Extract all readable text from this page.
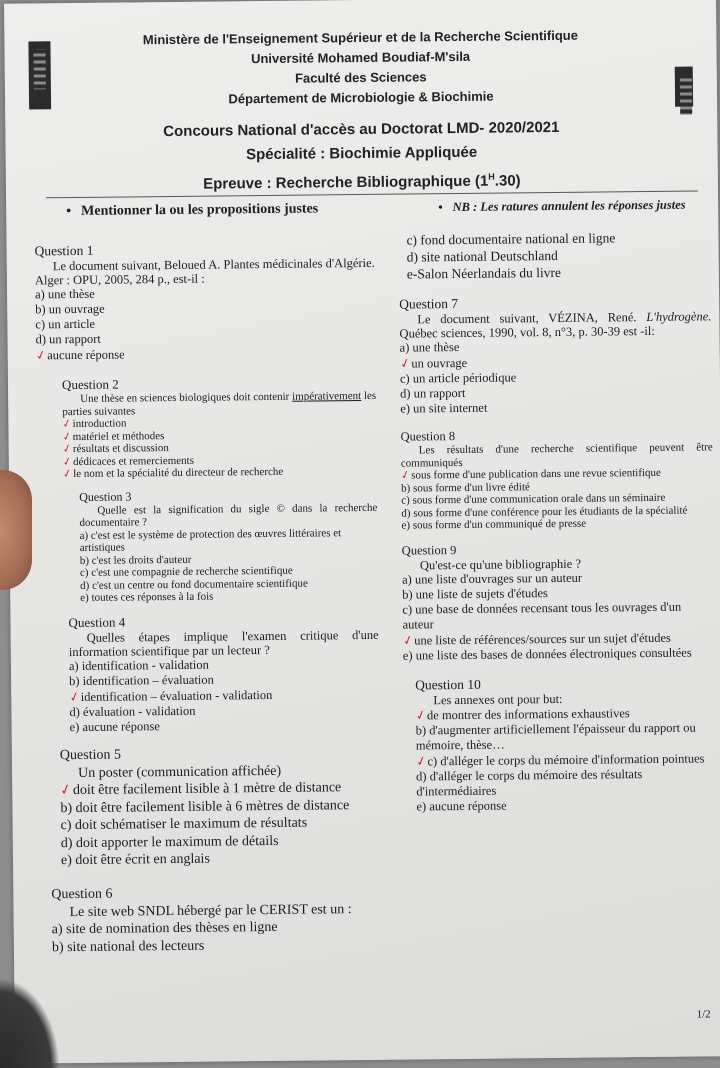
Ministère de l'Enseignement Supérieur et de la Recherche Scientifique
Université Mohamed Boudiaf-M'sila
Faculté des Sciences
Département de Microbiologie & Biochimie
Concours National d'accès au Doctorat LMD- 2020/2021
Spécialité : Biochimie Appliquée
Epreuve : Recherche Bibliographique $(1^H.30)$
• Mentionner la ou les propositions justes	• NB : Les ratures annulent les réponses justes
Question 1
Le document suivant, Beloued A. Plantes médicinales d'Algérie. Alger : OPU, 2005, 284 p., est-il :
a) une thèse
b) un ouvrage
c) un article
d) un rapport
✓aucune réponse
Question 2
Une thèse en sciences biologiques doit contenir impérativement les parties suivantes
✓introduction
✓matériel et méthodes
✓résultats et discussion
✓dédicaces et remerciements
✓le nom et la spécialité du directeur de recherche
Question 3
Quelle est la signification du sigle © dans la recherche documentaire ?
a) c'est est le système de protection des œuvres littéraires et artistiques
b) c'est les droits d'auteur
c) c'est une compagnie de recherche scientifique
d) c'est un centre ou fond documentaire scientifique
e) toutes ces réponses à la fois
Question 4
Quelles étapes implique l'examen critique d'une information scientifique par un lecteur ?
a) identification - validation
b) identification – évaluation
✓identification – évaluation - validation
d) évaluation - validation
e) aucune réponse
Question 5
Un poster (communication affichée)
✓doit être facilement lisible à 1 mètre de distance
b) doit être facilement lisible à 6 mètres de distance
c) doit schématiser le maximum de résultats
d) doit apporter le maximum de détails
e) doit être écrit en anglais
Question 6
Le site web SNDL hébergé par le CERIST est un :
a) site de nomination des thèses en ligne
b) site national des lecteurs
c) fond documentaire national en ligne
d) site national Deutschland
e-Salon Néerlandais du livre
Question 7
Le document suivant, VÉZINA, René. L'hydrogène. Québec sciences, 1990, vol. 8, n°3, p. 30-39 est -il:
a) une thèse
✓un ouvrage
c) un article périodique
d) un rapport
e) un site internet
Question 8
Les résultats d'une recherche scientifique peuvent être communiqués
✓sous forme d'une publication dans une revue scientifique
b) sous forme d'un livre édité
c) sous forme d'une communication orale dans un séminaire
d) sous forme d'une conférence pour les étudiants de la spécialité
e) sous forme d'un communiqué de presse
Question 9
Qu'est-ce qu'une bibliographie ?
a) une liste d'ouvrages sur un auteur
b) une liste de sujets d'études
c) une base de données recensant tous les ouvrages d'un auteur
✓une liste de références/sources sur un sujet d'études
e) une liste des bases de données électroniques consultées
Question 10
Les annexes ont pour but:
✓de montrer des informations exhaustives
b) d'augmenter artificiellement l'épaisseur du rapport ou mémoire, thèse…
✓c) d'alléger le corps du mémoire d'information pointues
d) d'alléger le corps du mémoire des résultats d'intermédiaires
e) aucune réponse
1/2
